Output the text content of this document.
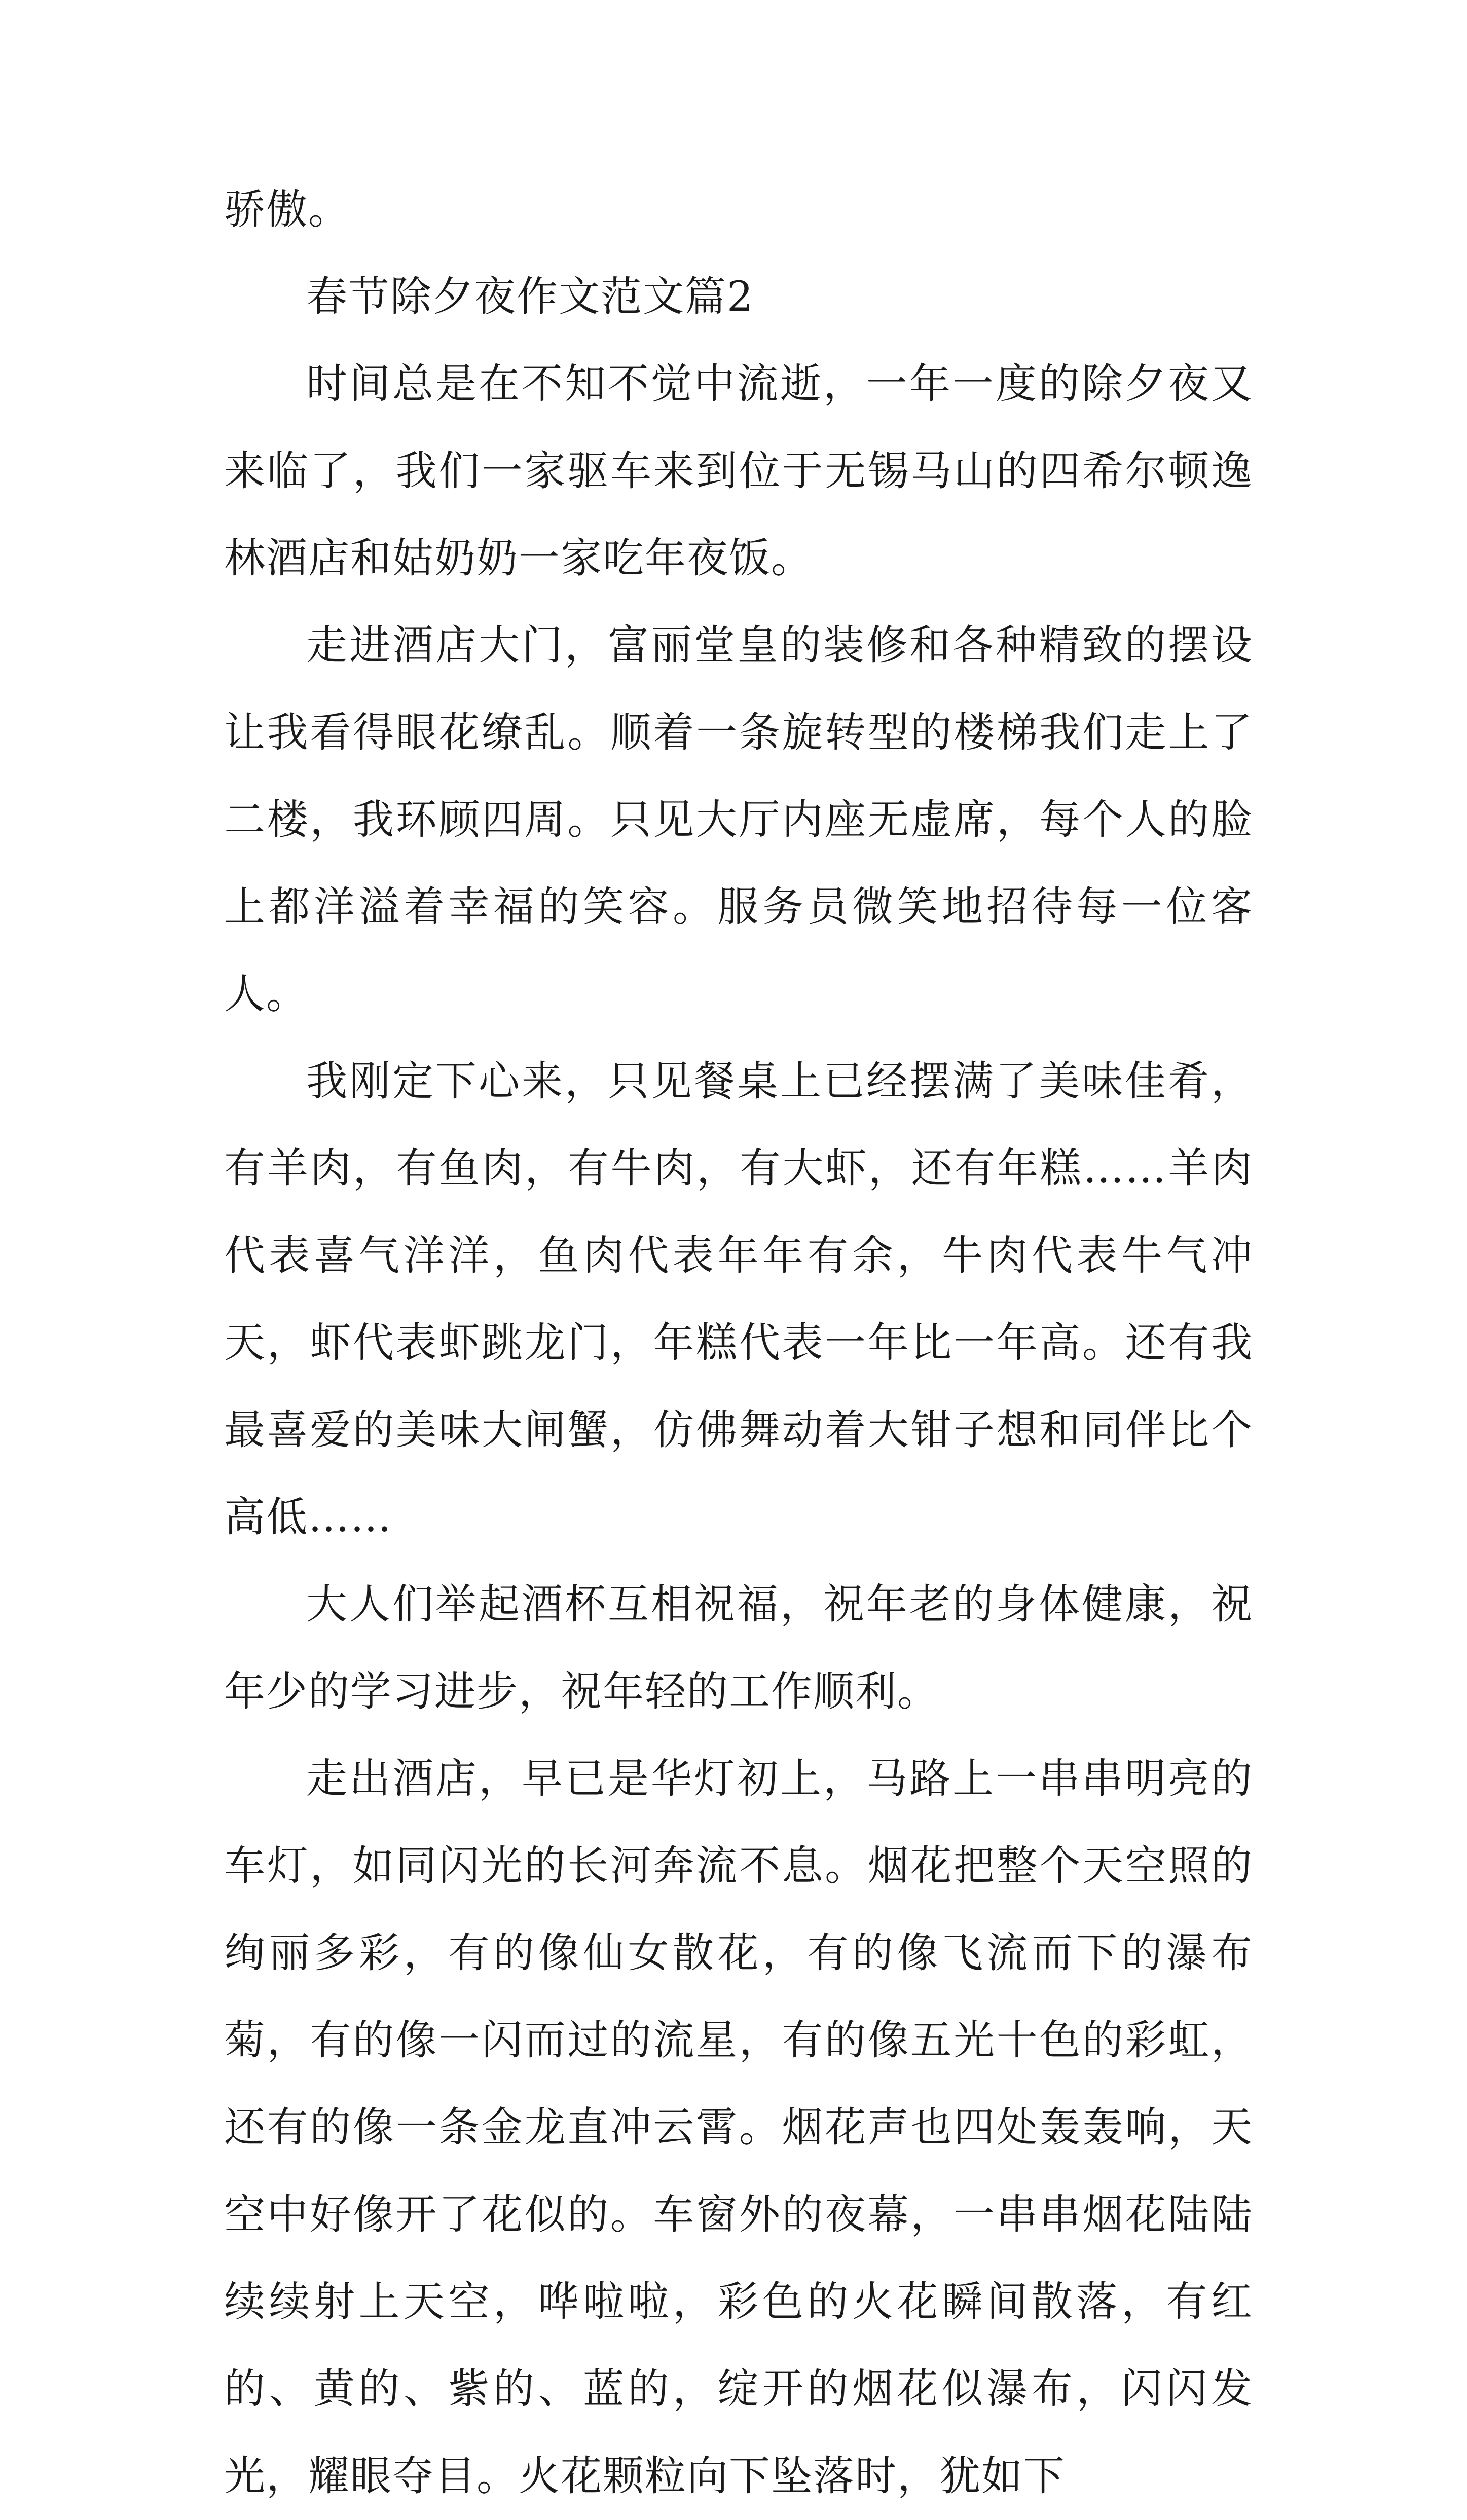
骄傲。

春节除夕夜作文范文篇2

时间总是在不知不觉中流逝，一年一度的除夕夜又来临了，我们一家驱车来到位于无锡马山的四希尔顿逸林酒店和姑奶奶一家吃年夜饭。

走进酒店大门，富丽堂皇的装修和各种精致的摆设让我看得眼花缭乱。顺着一条旋转型的楼梯我们走上了二楼，我环顾四周。只见大厅内座无虚席，每个人的脸上都洋溢着幸福的笑容。服务员微笑地招待每一位客人。

我刚定下心来，只见餐桌上已经摆满了美味佳肴，有羊肉，有鱼肉，有牛肉，有大虾，还有年糕……羊肉代表喜气洋洋，鱼肉代表年年有余，牛肉代表牛气冲天，虾代表虾跳龙门，年糕代表一年比一年高。还有我最喜爱的美味大闸蟹，仿佛舞动着大钳子想和同伴比个高低……

大人们举起酒杯互相祝福，祝年老的身体健康，祝年少的学习进步，祝年轻的工作顺利。

走出酒店，早已是华灯初上，马路上一串串明亮的车灯，如同闪光的长河奔流不息。烟花把整个天空照的绚丽多彩，有的像仙女散花，有的像飞流而下的瀑布菊，有的像一闪而过的流星，有的像五光十色的彩虹，还有的像一条金龙直冲云霄。烟花声也四处轰轰响，天空中好像开了花似的。车窗外的夜幕，一串串烟花陆陆续续射上天空，哗啦啦，彩色的火花瞬间散落，有红的、黄的、紫的、蓝的，绽开的烟花似瀑布，闪闪发光，耀眼夺目。火花颗粒向下坠落时，犹如下
